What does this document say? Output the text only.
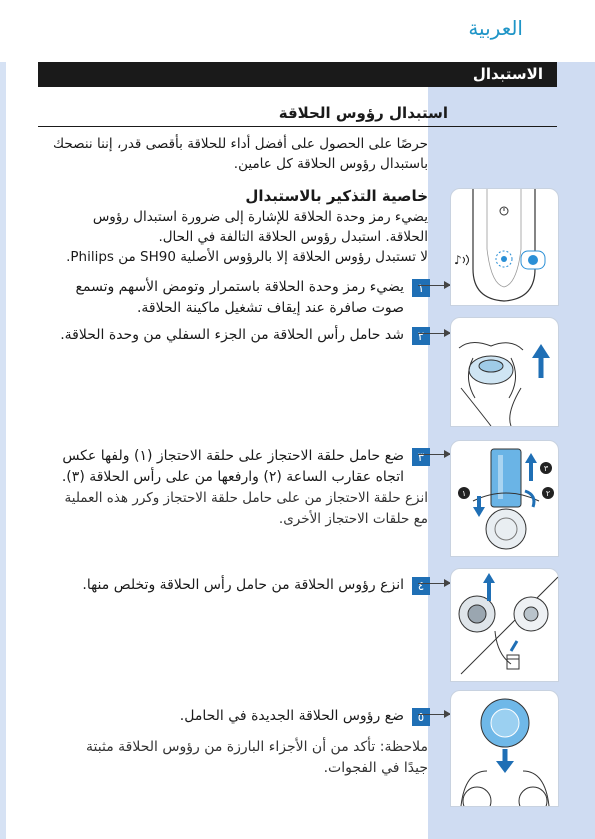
العربية
الاستبدال
استبدال رؤوس الحلاقة
حرصًا على الحصول على أفضل أداء للحلاقة بأقصى قدر، إننا ننصحك
باستبدال رؤوس الحلاقة كل عامين.
خاصية التذكير بالاستبدال
يضيء رمز وحدة الحلاقة للإشارة إلى ضرورة استبدال رؤوس
الحلاقة. استبدل رؤوس الحلاقة التالفة في الحال.
لا تستبدل رؤوس الحلاقة إلا بالرؤوس الأصلية SH90 من Philips.
١
يضيء رمز وحدة الحلاقة باستمرار وتومض الأسهم وتسمع
صوت صافرة عند إيقاف تشغيل ماكينة الحلاقة.
٢
شد حامل رأس الحلاقة من الجزء السفلي من وحدة الحلاقة.
٣
ضع حامل حلقة الاحتجاز على حلقة الاحتجاز (١) ولفها عكس
اتجاه عقارب الساعة (٢) وارفعها من على رأس الحلاقة (٣).
انزع حلقة الاحتجاز من على حامل حلقة الاحتجاز وكرر هذه العملية
مع حلقات الاحتجاز الأخرى.
٤
انزع رؤوس الحلاقة من حامل رأس الحلاقة وتخلص منها.
٥
ضع رؤوس الحلاقة الجديدة في الحامل.
ملاحظة: تأكد من أن الأجزاء البارزة من رؤوس الحلاقة مثبتة
جيدًا في الفجوات.
♪
٣
٢
١
